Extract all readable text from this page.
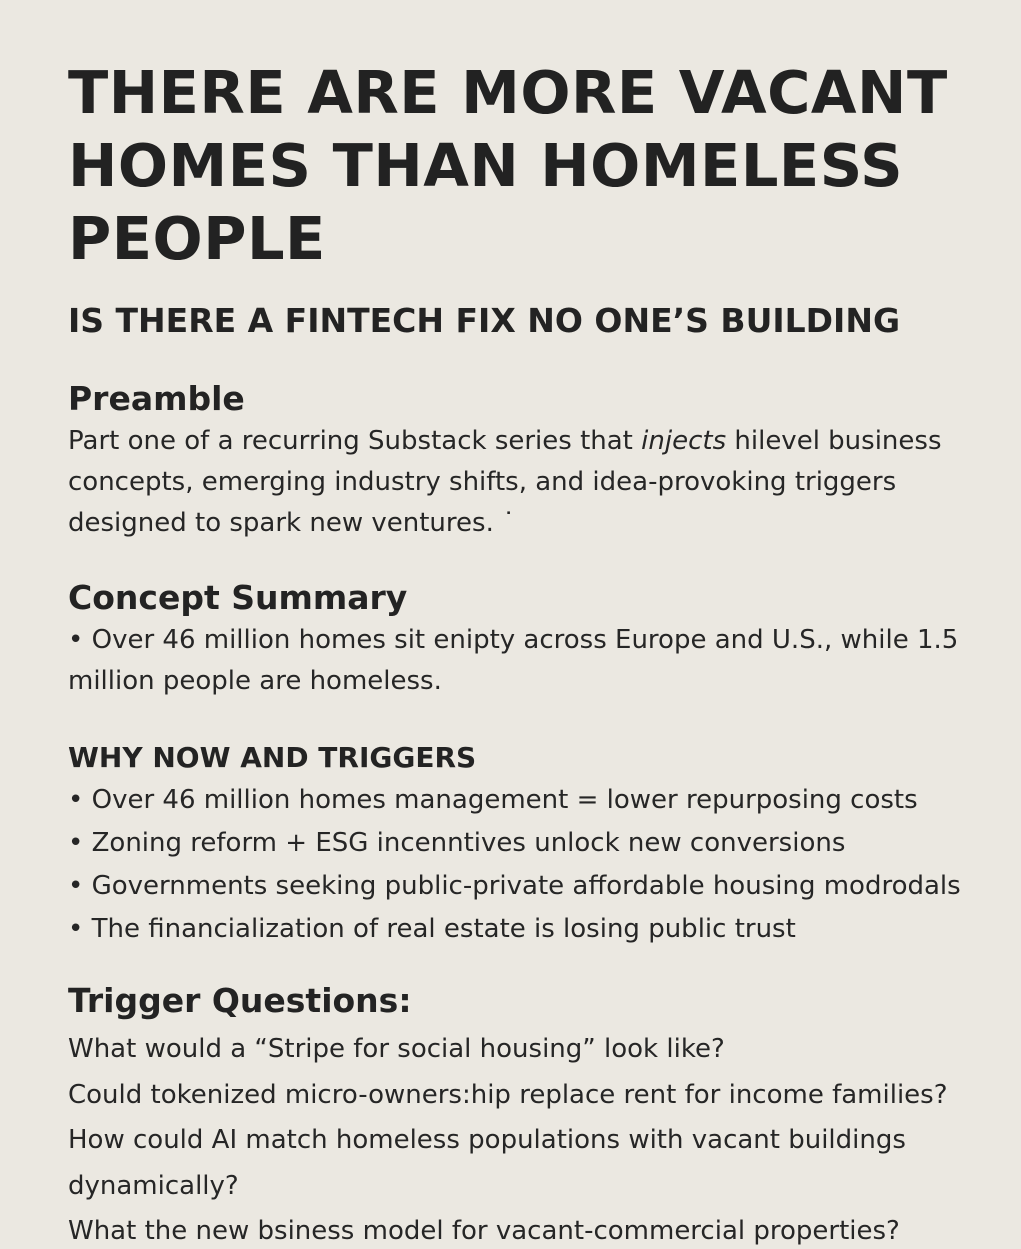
THERE ARE MORE VACANT HOMES THAN HOMELESS PEOPLE
IS THERE A FINTECH FIX NO ONE’S BUILDING
Preamble

Part one of a recurring Substack series that injects hilevel business concepts, emerging industry shifts, and idea-provoking triggers designed to spark new ventures. ˙

Concept Summary

• Over 46 million homes sit enipty across Europe and U.S., while 1.5 million people are homeless.

WHY NOW AND TRIGGERS
• Over 46 million homes management = lower repurposing costs
• Zoning reform + ESG incenntives unlock new conversions
• Governments seeking public-private affordable housing modrodals
• The financialization of real estate is losing public trust
Trigger Questions:
What would a “Stripe for social housing” look like?
Could tokenized micro-owners:hip replace rent for income families?
How could AI match homeless populations with vacant buildings dynamically?
What the new bsiness model for vacant-commercial properties?
